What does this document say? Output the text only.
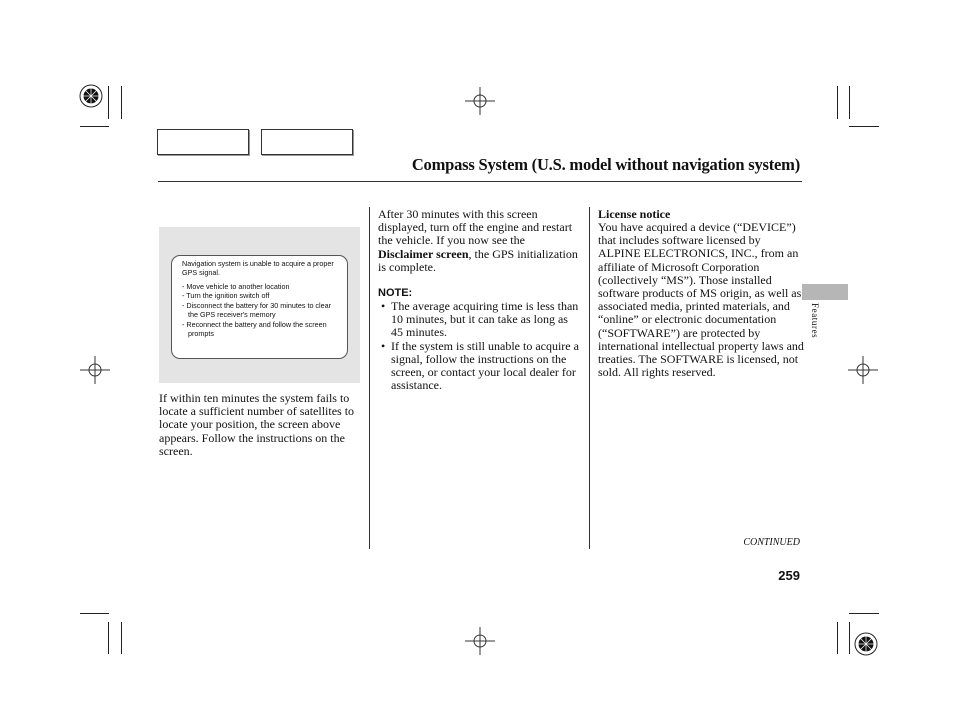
Compass System (U.S. model without navigation system)
Navigation system is unable to acquire a proper GPS signal.
- Move vehicle to another location
- Turn the ignition switch off
- Disconnect the battery for 30 minutes to clear the GPS receiver's memory
- Reconnect the battery and follow the screen prompts
If within ten minutes the system fails to locate a sufficient number of satellites to locate your position, the screen above appears. Follow the instructions on the screen.
After 30 minutes with this screen displayed, turn off the engine and restart the vehicle. If you now see the Disclaimer screen, the GPS initialization is complete.
NOTE:
• The average acquiring time is less than 10 minutes, but it can take as long as 45 minutes.
• If the system is still unable to acquire a signal, follow the instructions on the screen, or contact your local dealer for assistance.
License notice
You have acquired a device (“DEVICE”) that includes software licensed by ALPINE ELECTRONICS, INC., from an affiliate of Microsoft Corporation (collectively “MS”). Those installed software products of MS origin, as well as associated media, printed materials, and “online” or electronic documentation (“SOFTWARE”) are protected by international intellectual property laws and treaties. The SOFTWARE is licensed, not sold. All rights reserved.
Features
CONTINUED
259
